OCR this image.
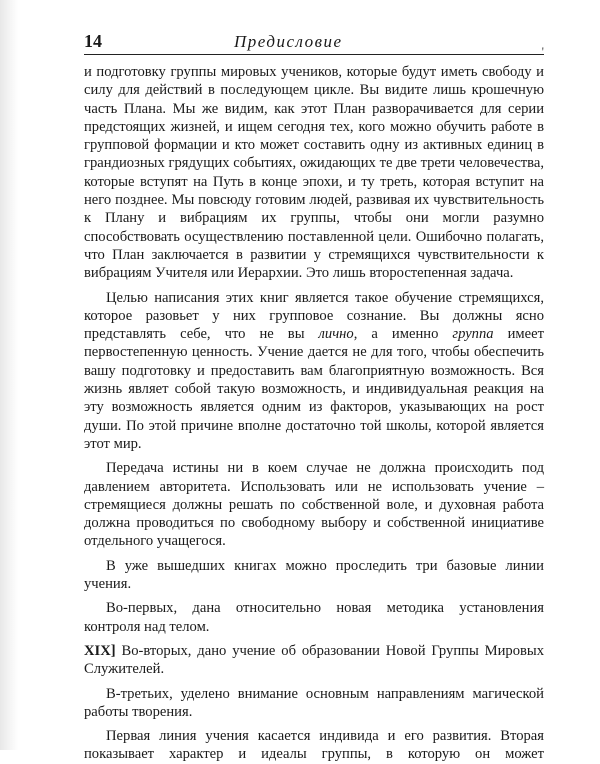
14	Предисловие
'

и подготовку группы мировых учеников, которые будут иметь свободу и силу для действий в последующем цикле. Вы видите лишь крошечную часть Плана. Мы же видим, как этот План разворачивается для серии предстоящих жизней, и ищем сегодня тех, кого можно обучить работе в групповой формации и кто может составить одну из активных единиц в грандиозных грядущих событиях, ожидающих те две трети человечества, которые вступят на Путь в конце эпохи, и ту треть, которая вступит на него позднее. Мы повсюду готовим людей, развивая их чувствительность к Плану и вибрациям их группы, чтобы они могли разумно способствовать осуществлению поставленной цели. Ошибочно полагать, что План заключается в развитии у стремящихся чувствительности к вибрациям Учителя или Иерархии. Это лишь второстепенная задача.

Целью написания этих книг является такое обучение стремящихся, которое разовьет у них групповое сознание. Вы должны ясно представлять себе, что не вы лично, а именно группа имеет первостепенную ценность. Учение дается не для того, чтобы обеспечить вашу подготовку и предоставить вам благоприятную возможность. Вся жизнь являет собой такую возможность, и индивидуальная реакция на эту возможность является одним из факторов, указывающих на рост души. По этой причине вполне достаточно той школы, которой является этот мир.

Передача истины ни в коем случае не должна происходить под давлением авторитета. Использовать или не использовать учение – стремящиеся должны решать по собственной воле, и духовная работа должна проводиться по свободному выбору и собственной инициативе отдельного учащегося.

В уже вышедших книгах можно проследить три базовые линии учения.

Во-первых, дана относительно новая методика установления контроля над телом.

XIX] Во-вторых, дано учение об образовании Новой Группы Мировых Служителей.

В-третьих, уделено внимание основным направлениям магической работы творения.

Первая линия учения касается индивида и его развития. Вторая показывает характер и идеалы группы, в которую он может
